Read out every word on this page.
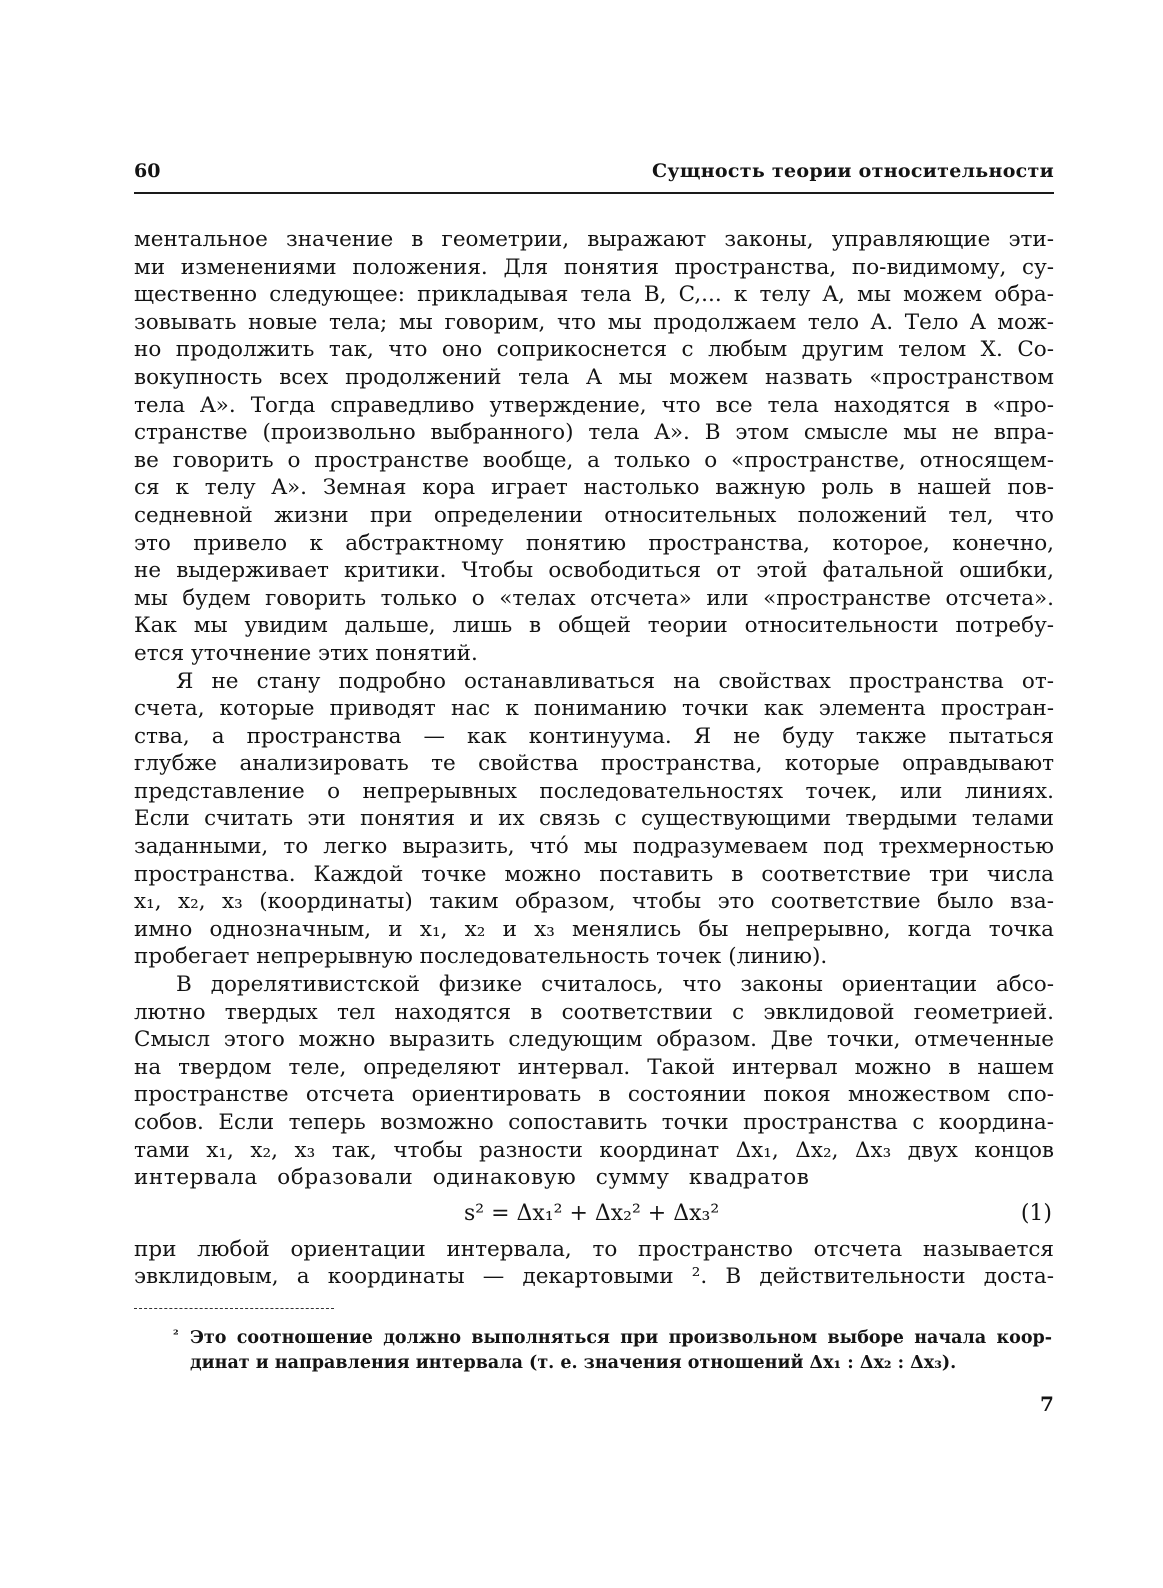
60	Сущность теории относительности
ментальное значение в геометрии, выражают законы, управляющие эти-
ми изменениями положения. Для понятия пространства, по-видимому, су-
щественно следующее: прикладывая тела B, C,... к телу A, мы можем обра-
зовывать новые тела; мы говорим, что мы продолжаем тело A. Тело A мож-
но продолжить так, что оно соприкоснется с любым другим телом X. Со-
вокупность всех продолжений тела A мы можем назвать «пространством
тела A». Тогда справедливо утверждение, что все тела находятся в «про-
странстве (произвольно выбранного) тела A». В этом смысле мы не впра-
ве говорить о пространстве вообще, а только о «пространстве, относящем-
ся к телу A». Земная кора играет настолько важную роль в нашей пов-
седневной жизни при определении относительных положений тел, что
это привело к абстрактному понятию пространства, которое, конечно,
не выдерживает критики. Чтобы освободиться от этой фатальной ошибки,
мы будем говорить только о «телах отсчета» или «пространстве отсчета».
Как мы увидим дальше, лишь в общей теории относительности потребу-
ется уточнение этих понятий.
Я не стану подробно останавливаться на свойствах пространства от-
счета, которые приводят нас к пониманию точки как элемента простран-
ства, а пространства — как континуума. Я не буду также пытаться
глубже анализировать те свойства пространства, которые оправдывают
представление о непрерывных последовательностях точек, или линиях.
Если считать эти понятия и их связь с существующими твердыми телами
заданными, то легко выразить, что́ мы подразумеваем под трехмерностью
пространства. Каждой точке можно поставить в соответствие три числа
x₁, x₂, x₃ (координаты) таким образом, чтобы это соответствие было вза-
имно однозначным, и x₁, x₂ и x₃ менялись бы непрерывно, когда точка
пробегает непрерывную последовательность точек (линию).
В дорелятивистской физике считалось, что законы ориентации абсо-
лютно твердых тел находятся в соответствии с эвклидовой геометрией.
Смысл этого можно выразить следующим образом. Две точки, отмеченные
на твердом теле, определяют интервал. Такой интервал можно в нашем
пространстве отсчета ориентировать в состоянии покоя множеством спо-
собов. Если теперь возможно сопоставить точки пространства с координа-
тами x₁, x₂, x₃ так, чтобы разности координат Δx₁, Δx₂, Δx₃ двух концов
интервала образовали одинаковую сумму квадратов
s² = Δx₁² + Δx₂² + Δx₃²	(1)
при любой ориентации интервала, то пространство отсчета называется
эвклидовым, а координаты — декартовыми ². В действительности доста-
² Это соотношение должно выполняться при произвольном выборе начала коор-
динат и направления интервала (т. е. значения отношений Δx₁ : Δx₂ : Δx₃).
7
